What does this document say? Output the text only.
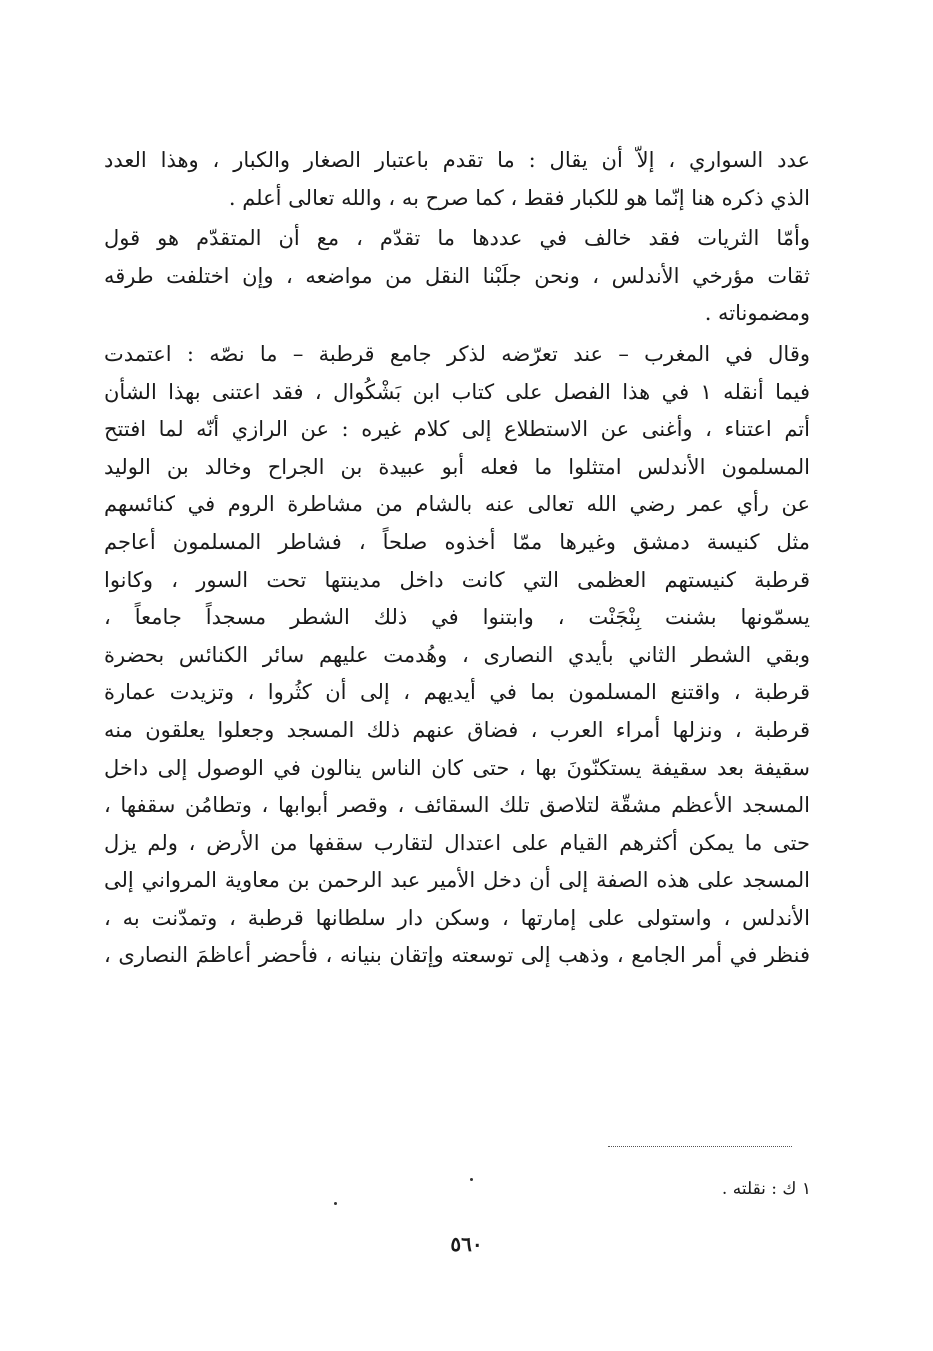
عدد السواري ، إلاّ أن يقال : ما تقدم باعتبار الصغار والكبار ، وهذا العدد
الذي ذكره هنا إنّما هو للكبار فقط ، كما صرح به ، والله تعالى أعلم .

وأمّا الثريات فقد خالف في عددها ما تقدّم ، مع أن المتقدّم هو قول
ثقات مؤرخي الأندلس ، ونحن جلَبْنا النقل من مواضعه ، وإن اختلفت طرقه
ومضموناته .

وقال في المغرب – عند تعرّضه لذكر جامع قرطبة – ما نصّه : اعتمدت
فيما أنقله ١ في هذا الفصل على كتاب ابن بَشْكُوال ، فقد اعتنى بهذا الشأن
أتم اعتناء ، وأغنى عن الاستطلاع إلى كلام غيره : عن الرازي أنّه لما افتتح
المسلمون الأندلس امتثلوا ما فعله أبو عبيدة بن الجراح وخالد بن الوليد
عن رأي عمر رضي الله تعالى عنه بالشام من مشاطرة الروم في كنائسهم
مثل كنيسة دمشق وغيرها ممّا أخذوه صلحاً ، فشاطر المسلمون أعاجم
قرطبة كنيستهم العظمى التي كانت داخل مدينتها تحت السور ، وكانوا
يسمّونها بشنت بِنْجَنْت ، وابتنوا في ذلك الشطر مسجداً جامعاً ،
وبقي الشطر الثاني بأيدي النصارى ، وهُدمت عليهم سائر الكنائس بحضرة
قرطبة ، واقتنع المسلمون بما في أيديهم ، إلى أن كثُروا ، وتزيدت عمارة
قرطبة ، ونزلها أمراء العرب ، فضاق عنهم ذلك المسجد وجعلوا يعلقون منه
سقيفة بعد سقيفة يستكنّونَ بها ، حتى كان الناس ينالون في الوصول إلى داخل
المسجد الأعظم مشقّة لتلاصق تلك السقائف ، وقصر أبوابها ، وتطامُن سقفها ،
حتى ما يمكن أكثرهم القيام على اعتدال لتقارب سقفها من الأرض ، ولم يزل
المسجد على هذه الصفة إلى أن دخل الأمير عبد الرحمن بن معاوية المرواني إلى
الأندلس ، واستولى على إمارتها ، وسكن دار سلطانها قرطبة ، وتمدّنت به ،
فنظر في أمر الجامع ، وذهب إلى توسعته وإتقان بنيانه ، فأحضر أعاظمَ النصارى ،

١ ك : نقلته .
٥٦٠
